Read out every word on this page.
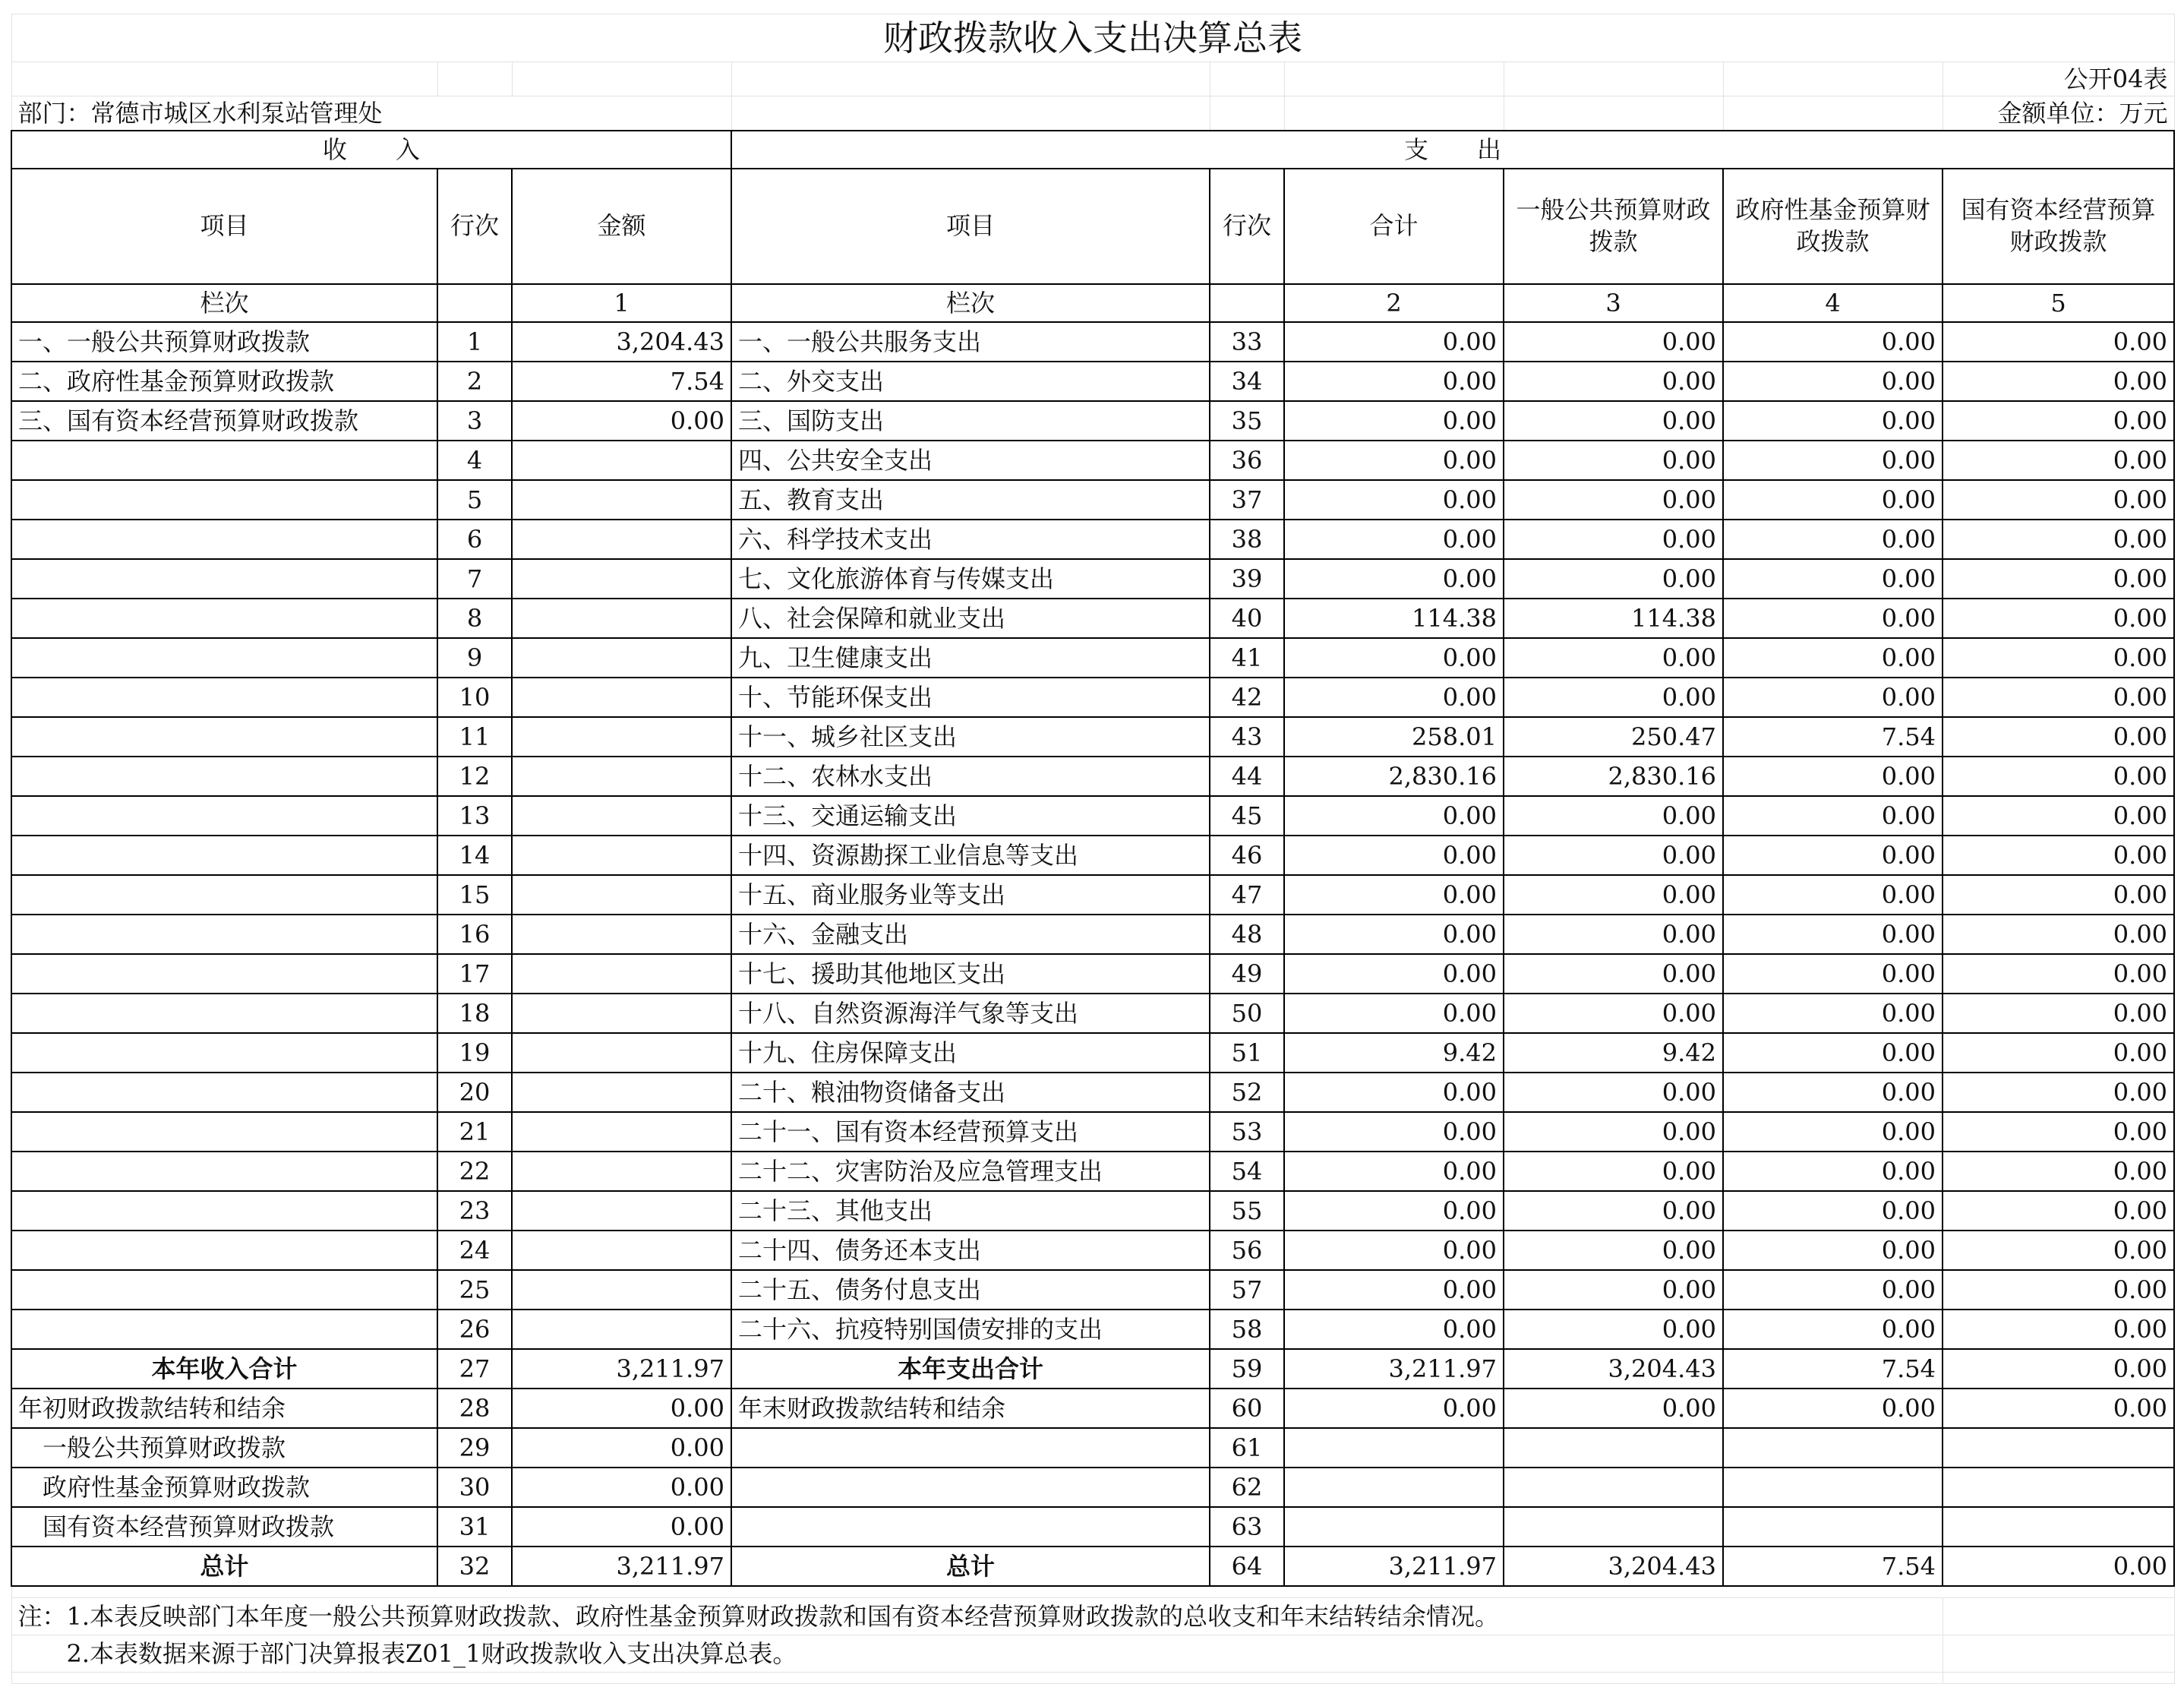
财政拨款收入支出决算总表								
								公开04表
部门：常德市城区水利泵站管理处								金额单位：万元
收　　入			支　　出					
项目	行次	金额	项目	行次	合计	一般公共预算财政拨款	政府性基金预算财政拨款	国有资本经营预算财政拨款
栏次		1	栏次		2	3	4	5
一、一般公共预算财政拨款	1	3,204.43	一、一般公共服务支出	33	0.00	0.00	0.00	0.00
二、政府性基金预算财政拨款	2	7.54	二、外交支出	34	0.00	0.00	0.00	0.00
三、国有资本经营预算财政拨款	3	0.00	三、国防支出	35	0.00	0.00	0.00	0.00
	4		四、公共安全支出	36	0.00	0.00	0.00	0.00
	5		五、教育支出	37	0.00	0.00	0.00	0.00
	6		六、科学技术支出	38	0.00	0.00	0.00	0.00
	7		七、文化旅游体育与传媒支出	39	0.00	0.00	0.00	0.00
	8		八、社会保障和就业支出	40	114.38	114.38	0.00	0.00
	9		九、卫生健康支出	41	0.00	0.00	0.00	0.00
	10		十、节能环保支出	42	0.00	0.00	0.00	0.00
	11		十一、城乡社区支出	43	258.01	250.47	7.54	0.00
	12		十二、农林水支出	44	2,830.16	2,830.16	0.00	0.00
	13		十三、交通运输支出	45	0.00	0.00	0.00	0.00
	14		十四、资源勘探工业信息等支出	46	0.00	0.00	0.00	0.00
	15		十五、商业服务业等支出	47	0.00	0.00	0.00	0.00
	16		十六、金融支出	48	0.00	0.00	0.00	0.00
	17		十七、援助其他地区支出	49	0.00	0.00	0.00	0.00
	18		十八、自然资源海洋气象等支出	50	0.00	0.00	0.00	0.00
	19		十九、住房保障支出	51	9.42	9.42	0.00	0.00
	20		二十、粮油物资储备支出	52	0.00	0.00	0.00	0.00
	21		二十一、国有资本经营预算支出	53	0.00	0.00	0.00	0.00
	22		二十二、灾害防治及应急管理支出	54	0.00	0.00	0.00	0.00
	23		二十三、其他支出	55	0.00	0.00	0.00	0.00
	24		二十四、债务还本支出	56	0.00	0.00	0.00	0.00
	25		二十五、债务付息支出	57	0.00	0.00	0.00	0.00
	26		二十六、抗疫特别国债安排的支出	58	0.00	0.00	0.00	0.00
本年收入合计	27	3,211.97	本年支出合计	59	3,211.97	3,204.43	7.54	0.00
年初财政拨款结转和结余	28	0.00	年末财政拨款结转和结余	60	0.00	0.00	0.00	0.00
一般公共预算财政拨款	29	0.00		61				
政府性基金预算财政拨款	30	0.00		62				
国有资本经营预算财政拨款	31	0.00		63				
总计	32	3,211.97	总计	64	3,211.97	3,204.43	7.54	0.00

注：1.本表反映部门本年度一般公共预算财政拨款、政府性基金预算财政拨款和国有资本经营预算财政拨款的总收支和年末结转结余情况。								
　　2.本表数据来源于部门决算报表Z01_1财政拨款收入支出决算总表。								
